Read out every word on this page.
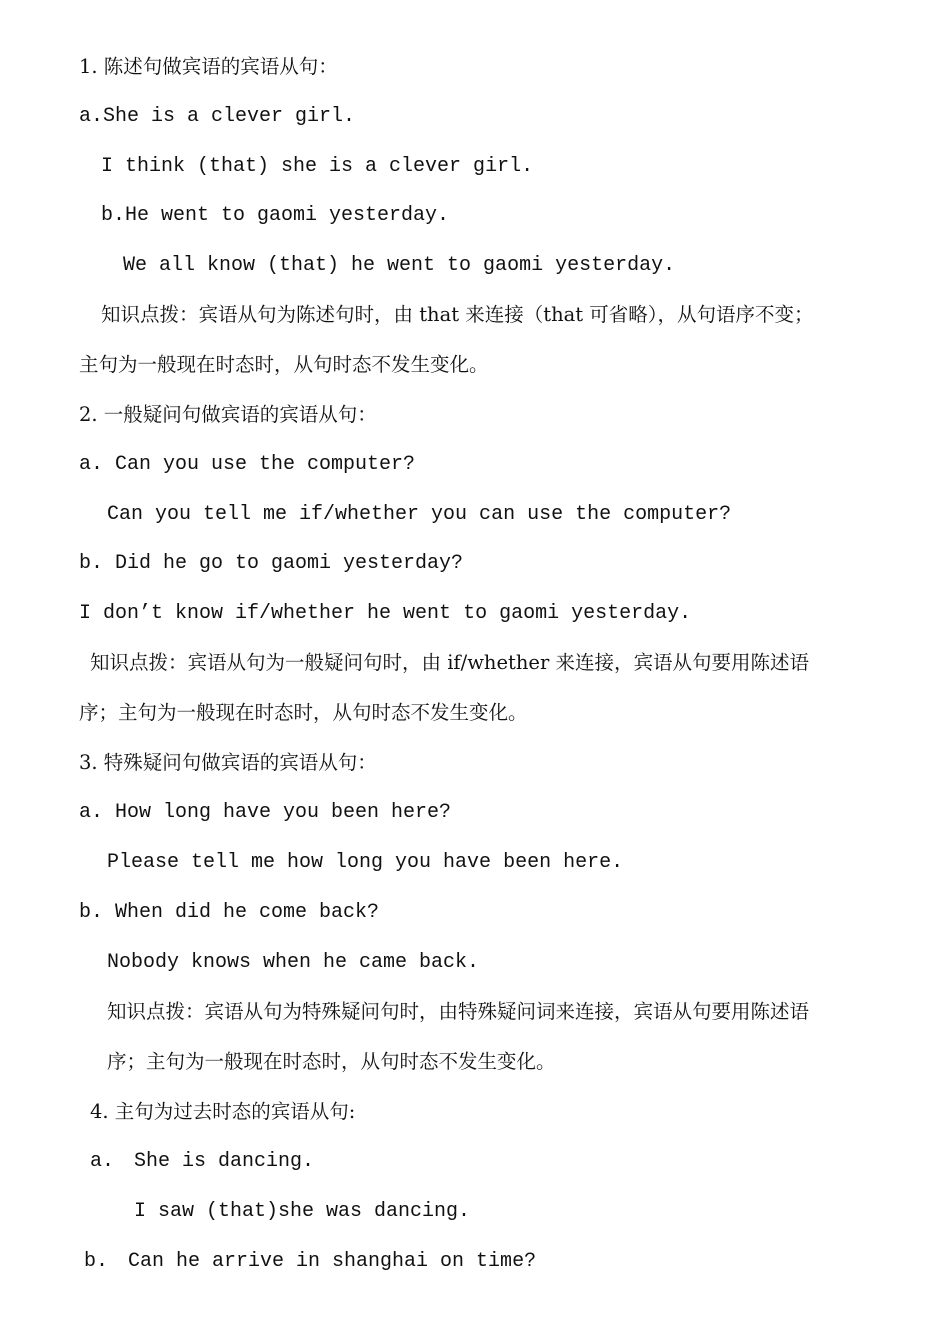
1. 陈述句做宾语的宾语从句：
a.She is a clever girl.
I think (that) she is a clever girl.
b.He went to gaomi yesterday.
We all know (that) he went to gaomi yesterday.
知识点拨：宾语从句为陈述句时，由 that 来连接（that 可省略），从句语序不变；
主句为一般现在时态时，从句时态不发生变化。
2. 一般疑问句做宾语的宾语从句：
a. Can you use the computer?
Can you tell me if/whether you can use the computer?
b. Did he go to gaomi yesterday?
I don’t know if/whether he went to gaomi yesterday.
知识点拨：宾语从句为一般疑问句时，由 if/whether 来连接，宾语从句要用陈述语
序；主句为一般现在时态时，从句时态不发生变化。
3. 特殊疑问句做宾语的宾语从句：
a. How long have you been here?
Please tell me how long you have been here.
b. When did he come back?
Nobody knows when he came back.
知识点拨：宾语从句为特殊疑问句时，由特殊疑问词来连接，宾语从句要用陈述语
序；主句为一般现在时态时，从句时态不发生变化。
4. 主句为过去时态的宾语从句:
a. She is dancing.
I saw (that)she was dancing.
b. Can he arrive in shanghai on time?
